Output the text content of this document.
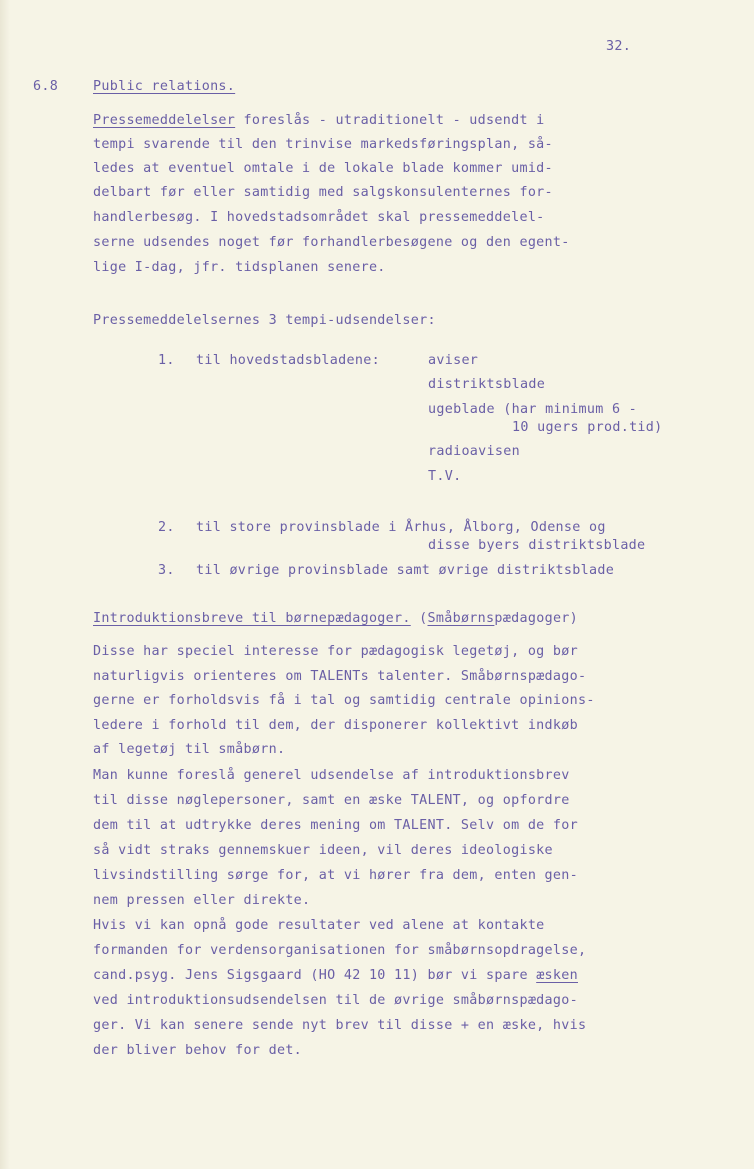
32.
6.8	Public relations.
Pressemeddelelser foreslås - utraditionelt - udsendt i
tempi svarende til den trinvise markedsføringsplan, så-
ledes at eventuel omtale i de lokale blade kommer umid-
delbart før eller samtidig med salgskonsulenternes for-
handlerbesøg. I hovedstadsområdet skal pressemeddelel-
serne udsendes noget før forhandlerbesøgene og den egent-
lige I-dag, jfr. tidsplanen senere.
Pressemeddelelsernes 3 tempi-udsendelser:
1. til hovedstadsbladene:	aviser
distriktsblade
ugeblade (har minimum 6 -
10 ugers prod.tid)
radioavisen
T.V.
2. til store provinsblade i Århus, Ålborg, Odense og
disse byers distriktsblade
3. til øvrige provinsblade samt øvrige distriktsblade
Introduktionsbreve til børnepædagoger. (Småbørnspædagoger)
Disse har speciel interesse for pædagogisk legetøj, og bør
naturligvis orienteres om TALENTs talenter. Småbørnspædago-
gerne er forholdsvis få i tal og samtidig centrale opinions-
ledere i forhold til dem, der disponerer kollektivt indkøb
af legetøj til småbørn.
Man kunne foreslå generel udsendelse af introduktionsbrev
til disse nøglepersoner, samt en æske TALENT, og opfordre
dem til at udtrykke deres mening om TALENT. Selv om de for
så vidt straks gennemskuer ideen, vil deres ideologiske
livsindstilling sørge for, at vi hører fra dem, enten gen-
nem pressen eller direkte.
Hvis vi kan opnå gode resultater ved alene at kontakte
formanden for verdensorganisationen for småbørnsopdragelse,
cand.psyg. Jens Sigsgaard (HO 42 10 11) bør vi spare æsken
ved introduktionsudsendelsen til de øvrige småbørnspædago-
ger. Vi kan senere sende nyt brev til disse + en æske, hvis
der bliver behov for det.
